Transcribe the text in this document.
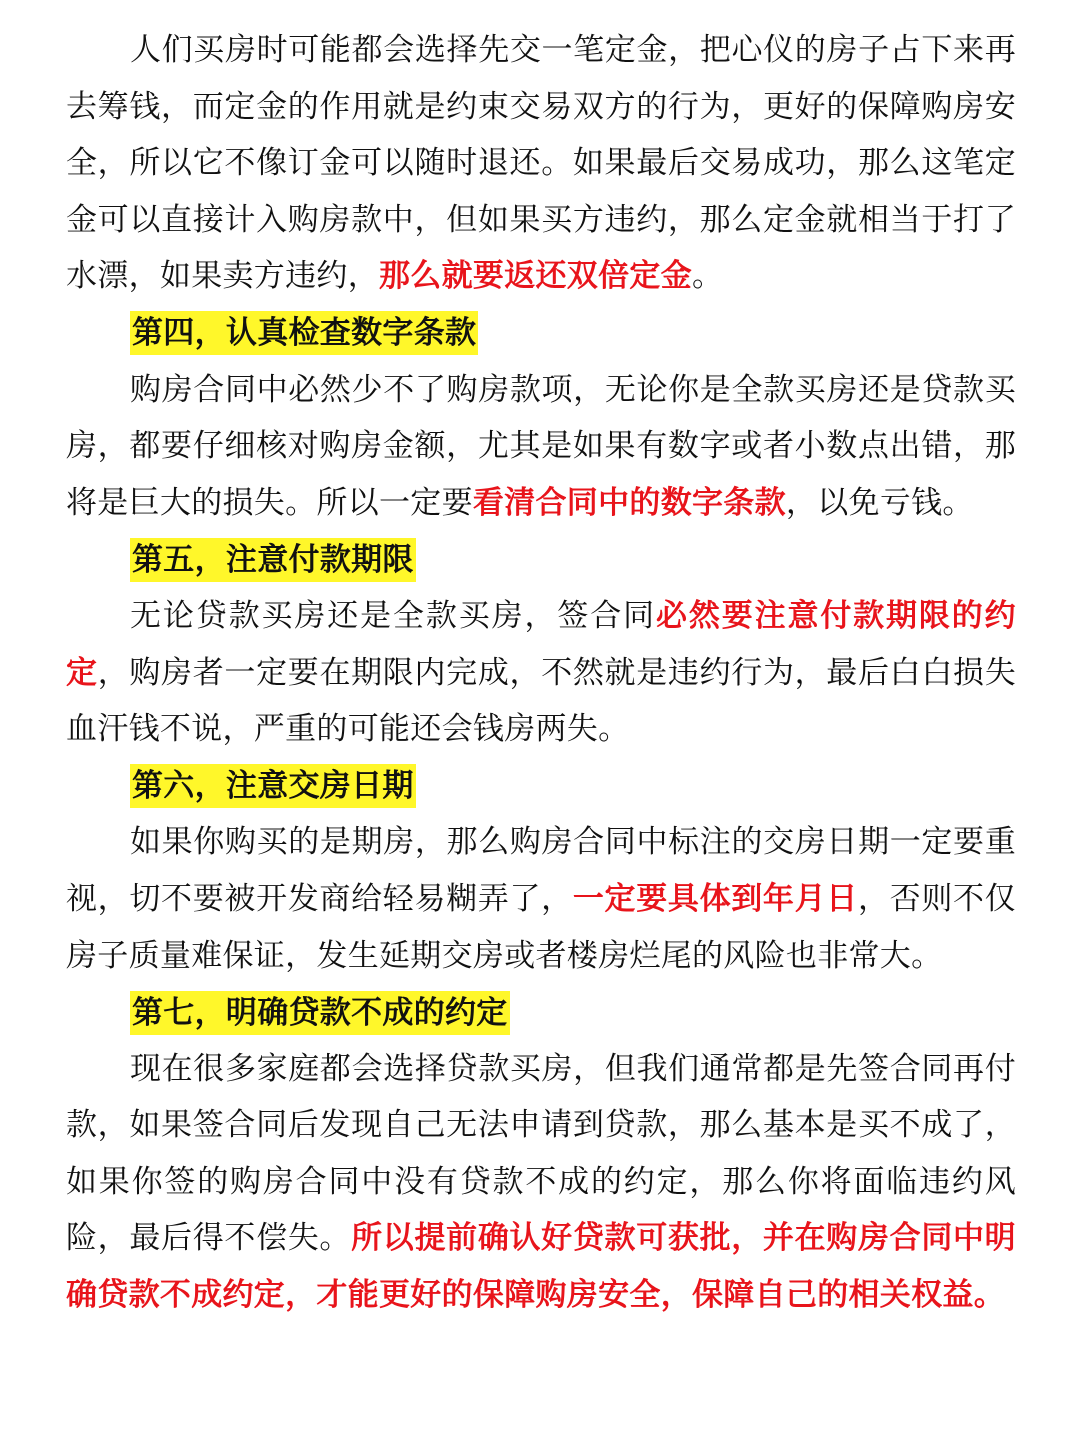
人们买房时可能都会选择先交一笔定金，把心仪的房子占下来再去筹钱，而定金的作用就是约束交易双方的行为，更好的保障购房安全，所以它不像订金可以随时退还。如果最后交易成功，那么这笔定金可以直接计入购房款中，但如果买方违约，那么定金就相当于打了水漂，如果卖方违约，那么就要返还双倍定金。

第四，认真检查数字条款

购房合同中必然少不了购房款项，无论你是全款买房还是贷款买房，都要仔细核对购房金额，尤其是如果有数字或者小数点出错，那将是巨大的损失。所以一定要看清合同中的数字条款，以免亏钱。

第五，注意付款期限

无论贷款买房还是全款买房，签合同必然要注意付款期限的约定，购房者一定要在期限内完成，不然就是违约行为，最后白白损失血汗钱不说，严重的可能还会钱房两失。

第六，注意交房日期

如果你购买的是期房，那么购房合同中标注的交房日期一定要重视，切不要被开发商给轻易糊弄了，一定要具体到年月日，否则不仅房子质量难保证，发生延期交房或者楼房烂尾的风险也非常大。

第七，明确贷款不成的约定

现在很多家庭都会选择贷款买房，但我们通常都是先签合同再付款，如果签合同后发现自己无法申请到贷款，那么基本是买不成了，如果你签的购房合同中没有贷款不成的约定，那么你将面临违约风险，最后得不偿失。所以提前确认好贷款可获批，并在购房合同中明确贷款不成约定，才能更好的保障购房安全，保障自己的相关权益。
